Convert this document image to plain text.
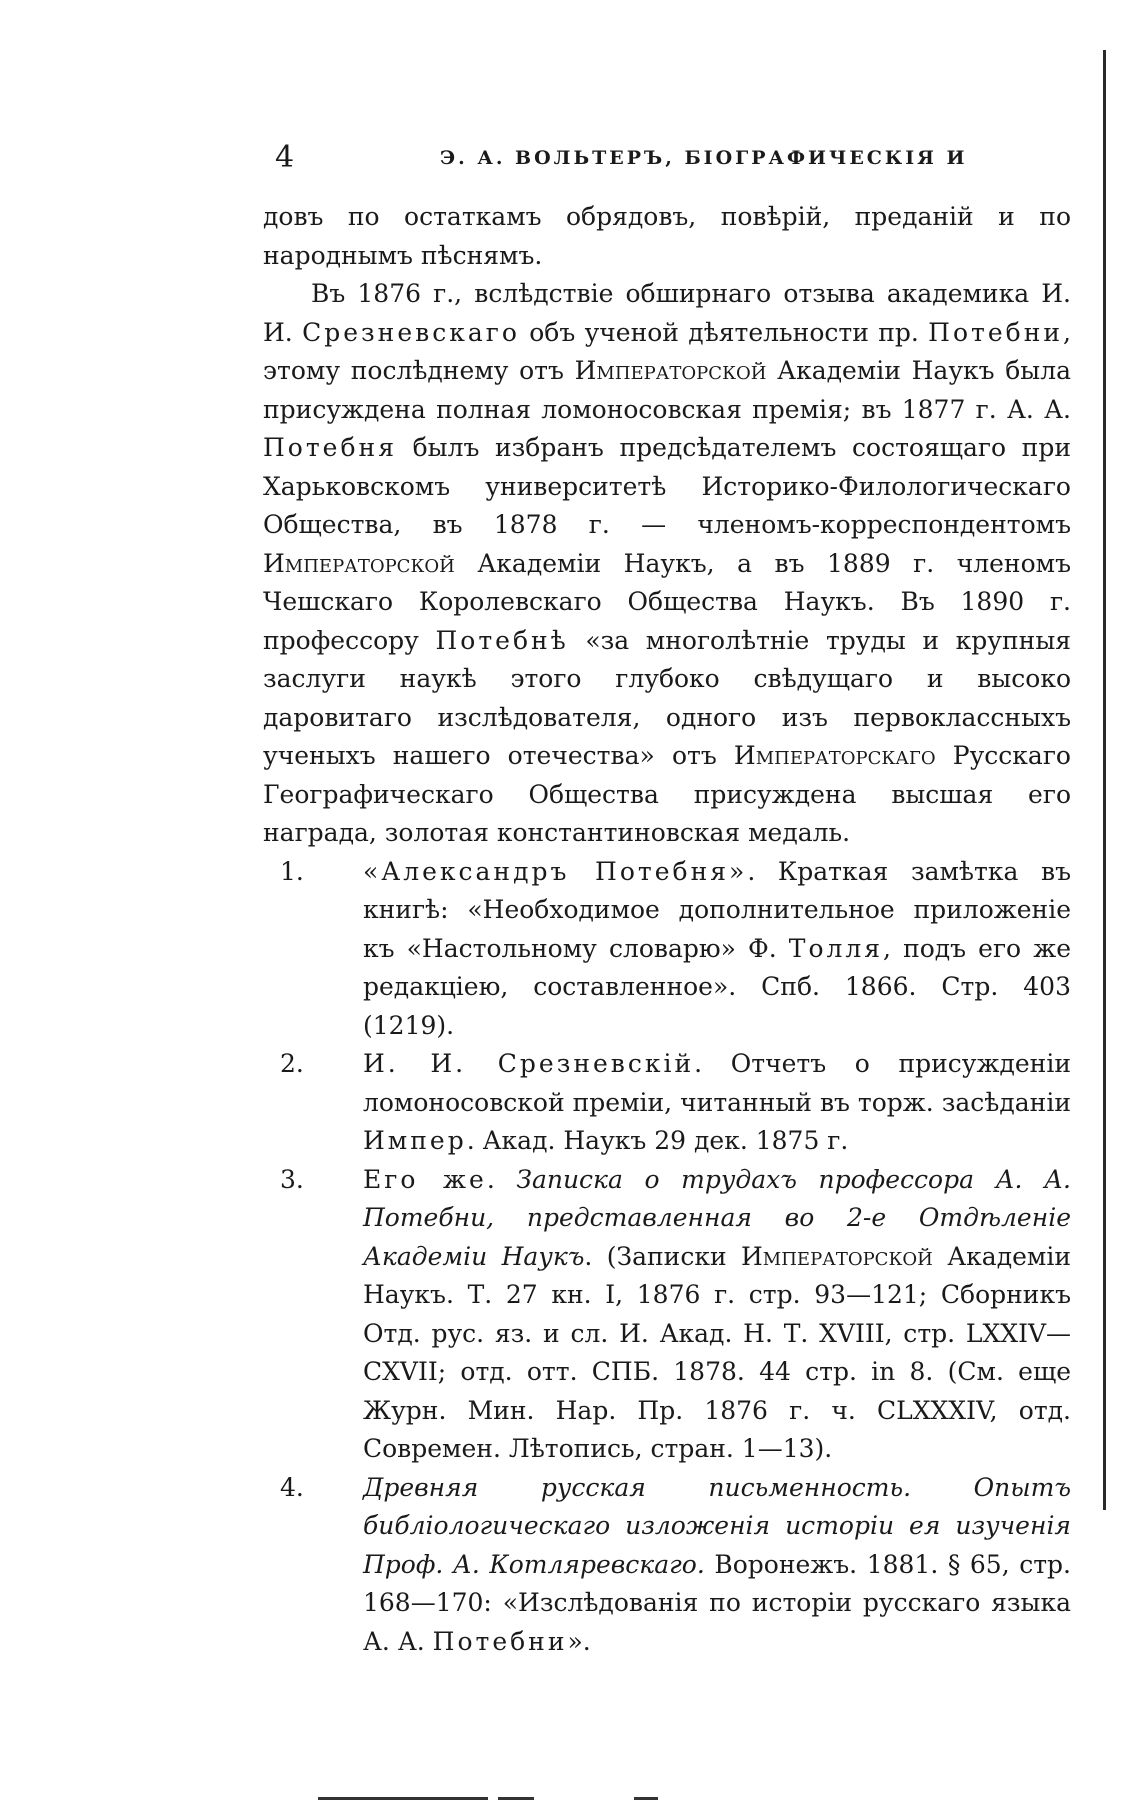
4	Э. А. ВОЛЬТЕРЪ, БІОГРАФИЧЕСКІЯ И

довъ по остаткамъ обрядовъ, повѣрій, преданій и по народнымъ пѣснямъ.

Въ 1876 г., вслѣдствіе обширнаго отзыва академика И. И. Срезневскаго объ ученой дѣятельности пр. Потебни, этому послѣднему отъ Императорской Академіи Наукъ была присуждена полная ломоносовская премія; въ 1877 г. А. А. Потебня былъ избранъ предсѣдателемъ состоящаго при Харьковскомъ университетѣ Историко-Филологическаго Общества, въ 1878 г. — членомъ-корреспондентомъ Императорской Академіи Наукъ, а въ 1889 г. членомъ Чешскаго Королевскаго Общества Наукъ. Въ 1890 г. профессору Потебнѣ «за многолѣтніе труды и крупныя заслуги наукѣ этого глубоко свѣдущаго и высоко даровитаго изслѣдователя, одного изъ первоклассныхъ ученыхъ нашего отечества» отъ Императорскаго Русскаго Географическаго Общества присуждена высшая его награда, золотая константиновская медаль.

1. «Александръ Потебня». Краткая замѣтка въ книгѣ: «Необходимое дополнительное приложеніе къ «Настольному словарю» Ф. Толля, подъ его же редакціею, составленное». Спб. 1866. Стр. 403 (1219).
2. И. И. Срезневскій. Отчетъ о присужденіи ломоносовской преміи, читанный въ торж. засѣданіи Импер. Акад. Наукъ 29 дек. 1875 г.
3. Его же. Записка о трудахъ профессора А. А. Потебни, представленная во 2-е Отдѣленіе Академіи Наукъ. (Записки Императорской Академіи Наукъ. Т. 27 кн. I, 1876 г. стр. 93—121; Сборникъ Отд. рус. яз. и сл. И. Акад. Н. Т. XVIII, стр. LXXIV—CXVII; отд. отт. СПБ. 1878. 44 стр. in 8. (См. еще Журн. Мин. Нар. Пр. 1876 г. ч. CLXXXIV, отд. Современ. Лѣтопись, стран. 1—13).
4. Древняя русская письменность. Опытъ библіологическаго изложенія исторіи ея изученія Проф. А. Котляревскаго. Воронежъ. 1881. § 65, стр. 168—170: «Изслѣдованія по исторіи русскаго языка А. А. Потебни».
